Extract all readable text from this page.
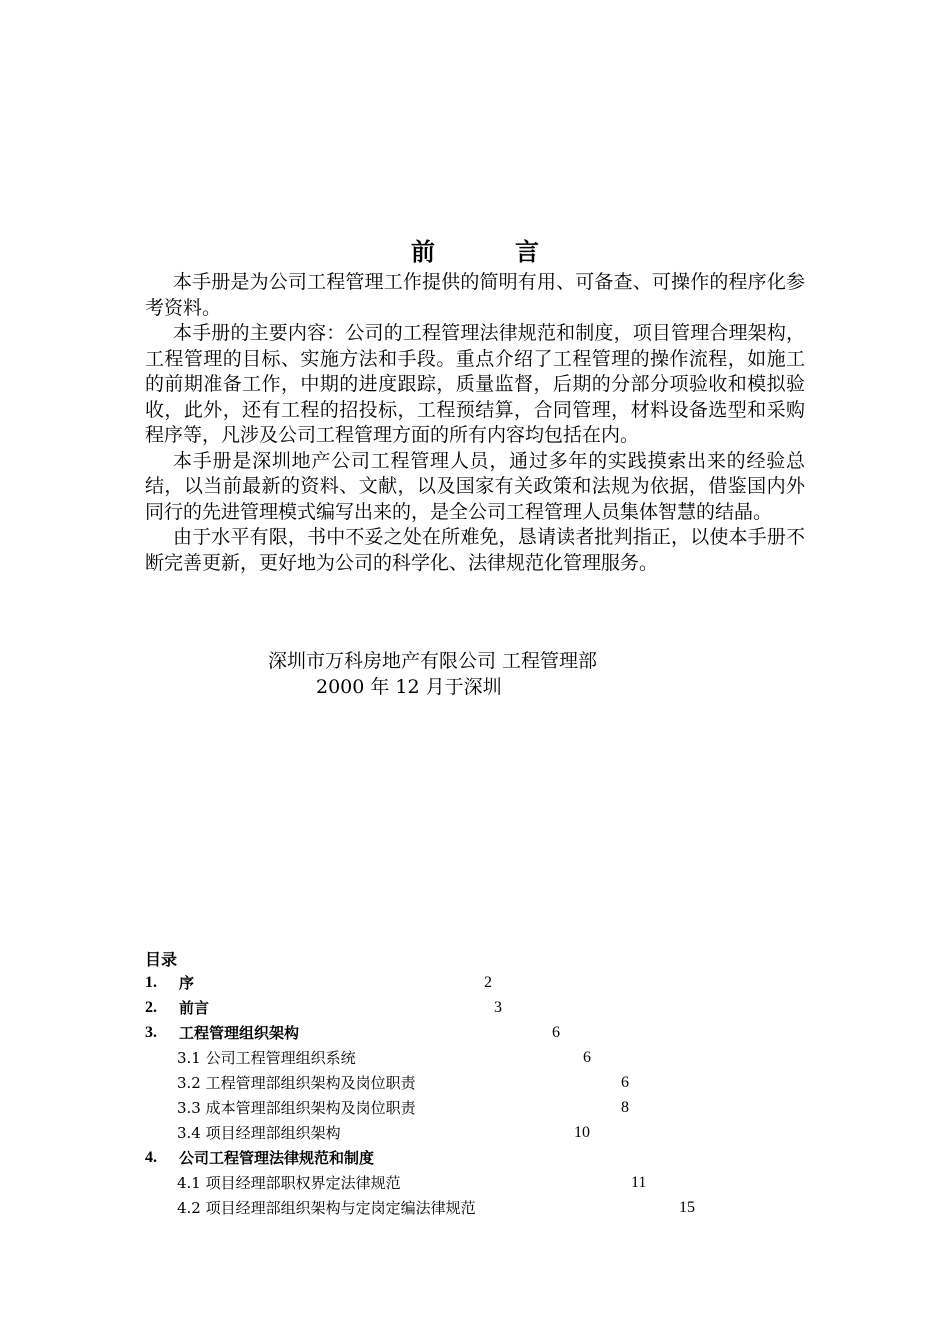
前　言

本手册是为公司工程管理工作提供的简明有用、可备查、可操作的程序化参考资料。

本手册的主要内容：公司的工程管理法律规范和制度，项目管理合理架构，工程管理的目标、实施方法和手段。重点介绍了工程管理的操作流程，如施工的前期准备工作，中期的进度跟踪，质量监督，后期的分部分项验收和模拟验收，此外，还有工程的招投标，工程预结算，合同管理，材料设备选型和采购程序等，凡涉及公司工程管理方面的所有内容均包括在内。

本手册是深圳地产公司工程管理人员，通过多年的实践摸索出来的经验总结，以当前最新的资料、文献，以及国家有关政策和法规为依据，借鉴国内外同行的先进管理模式编写出来的，是全公司工程管理人员集体智慧的结晶。

由于水平有限，书中不妥之处在所难免，恳请读者批判指正，以使本手册不断完善更新，更好地为公司的科学化、法律规范化管理服务。

深圳市万科房地产有限公司 工程管理部
2000 年 12 月于深圳
目录
1. 序	2
2. 前言	3
3. 工程管理组织架构	6
3.1 公司工程管理组织系统	6
3.2 工程管理部组织架构及岗位职责	6
3.3 成本管理部组织架构及岗位职责	8
3.4 项目经理部组织架构	10
4. 公司工程管理法律规范和制度
4.1 项目经理部职权界定法律规范	11
4.2 项目经理部组织架构与定岗定编法律规范	15
